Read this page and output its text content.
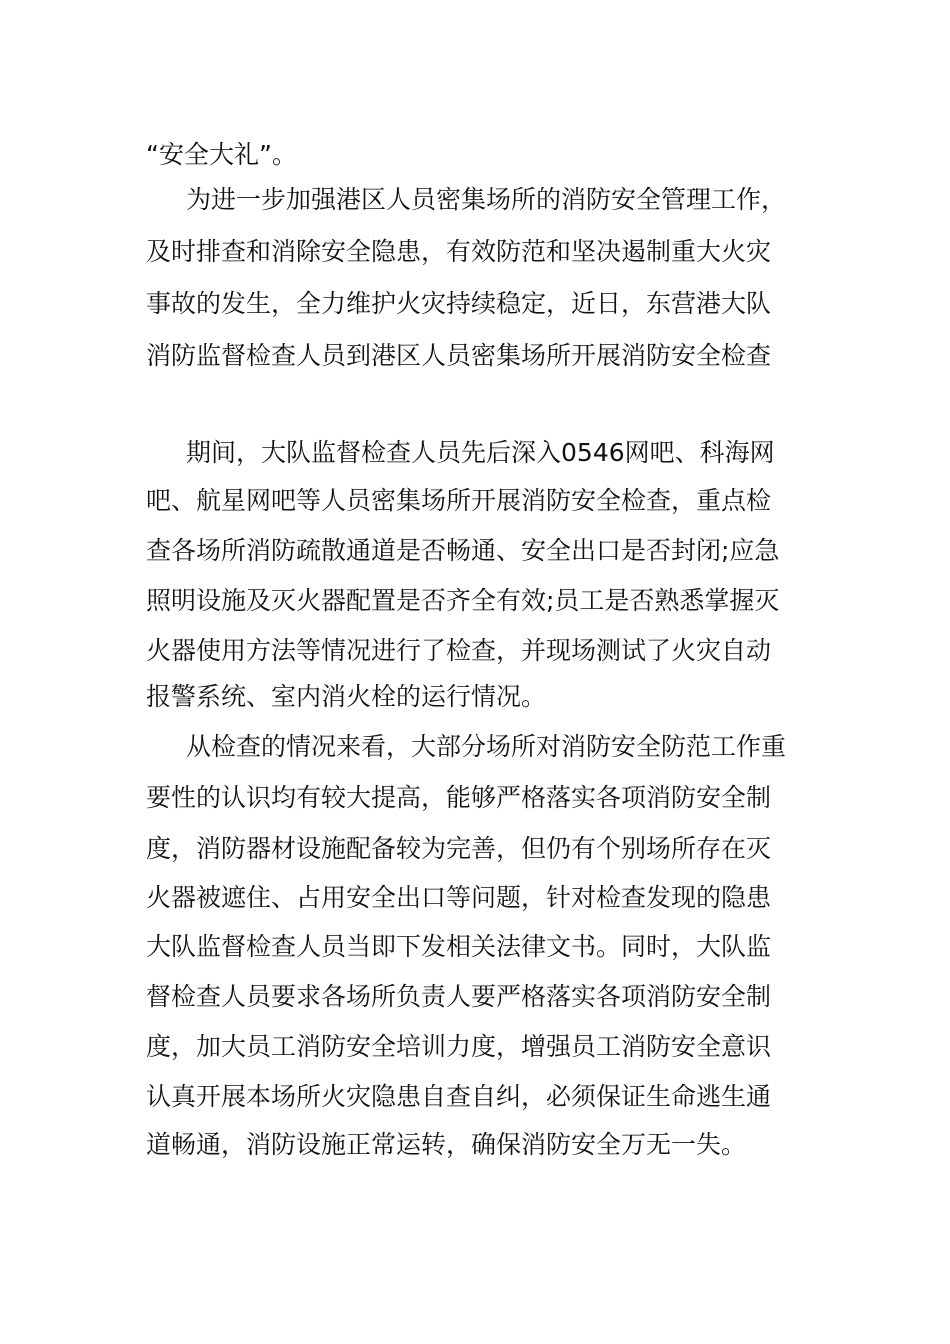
“安全大礼”。
为进一步加强港区人员密集场所的消防安全管理工作，
及时排查和消除安全隐患，有效防范和坚决遏制重大火灾
事故的发生，全力维护火灾持续稳定，近日，东营港大队
消防监督检查人员到港区人员密集场所开展消防安全检查
期间，大队监督检查人员先后深入0546网吧、科海网
吧、航星网吧等人员密集场所开展消防安全检查，重点检
查各场所消防疏散通道是否畅通、安全出口是否封闭;应急
照明设施及灭火器配置是否齐全有效;员工是否熟悉掌握灭
火器使用方法等情况进行了检查，并现场测试了火灾自动
报警系统、室内消火栓的运行情况。
从检查的情况来看，大部分场所对消防安全防范工作重
要性的认识均有较大提高，能够严格落实各项消防安全制
度，消防器材设施配备较为完善，但仍有个别场所存在灭
火器被遮住、占用安全出口等问题，针对检查发现的隐患
大队监督检查人员当即下发相关法律文书。同时，大队监
督检查人员要求各场所负责人要严格落实各项消防安全制
度，加大员工消防安全培训力度，增强员工消防安全意识
认真开展本场所火灾隐患自查自纠，必须保证生命逃生通
道畅通，消防设施正常运转，确保消防安全万无一失。
